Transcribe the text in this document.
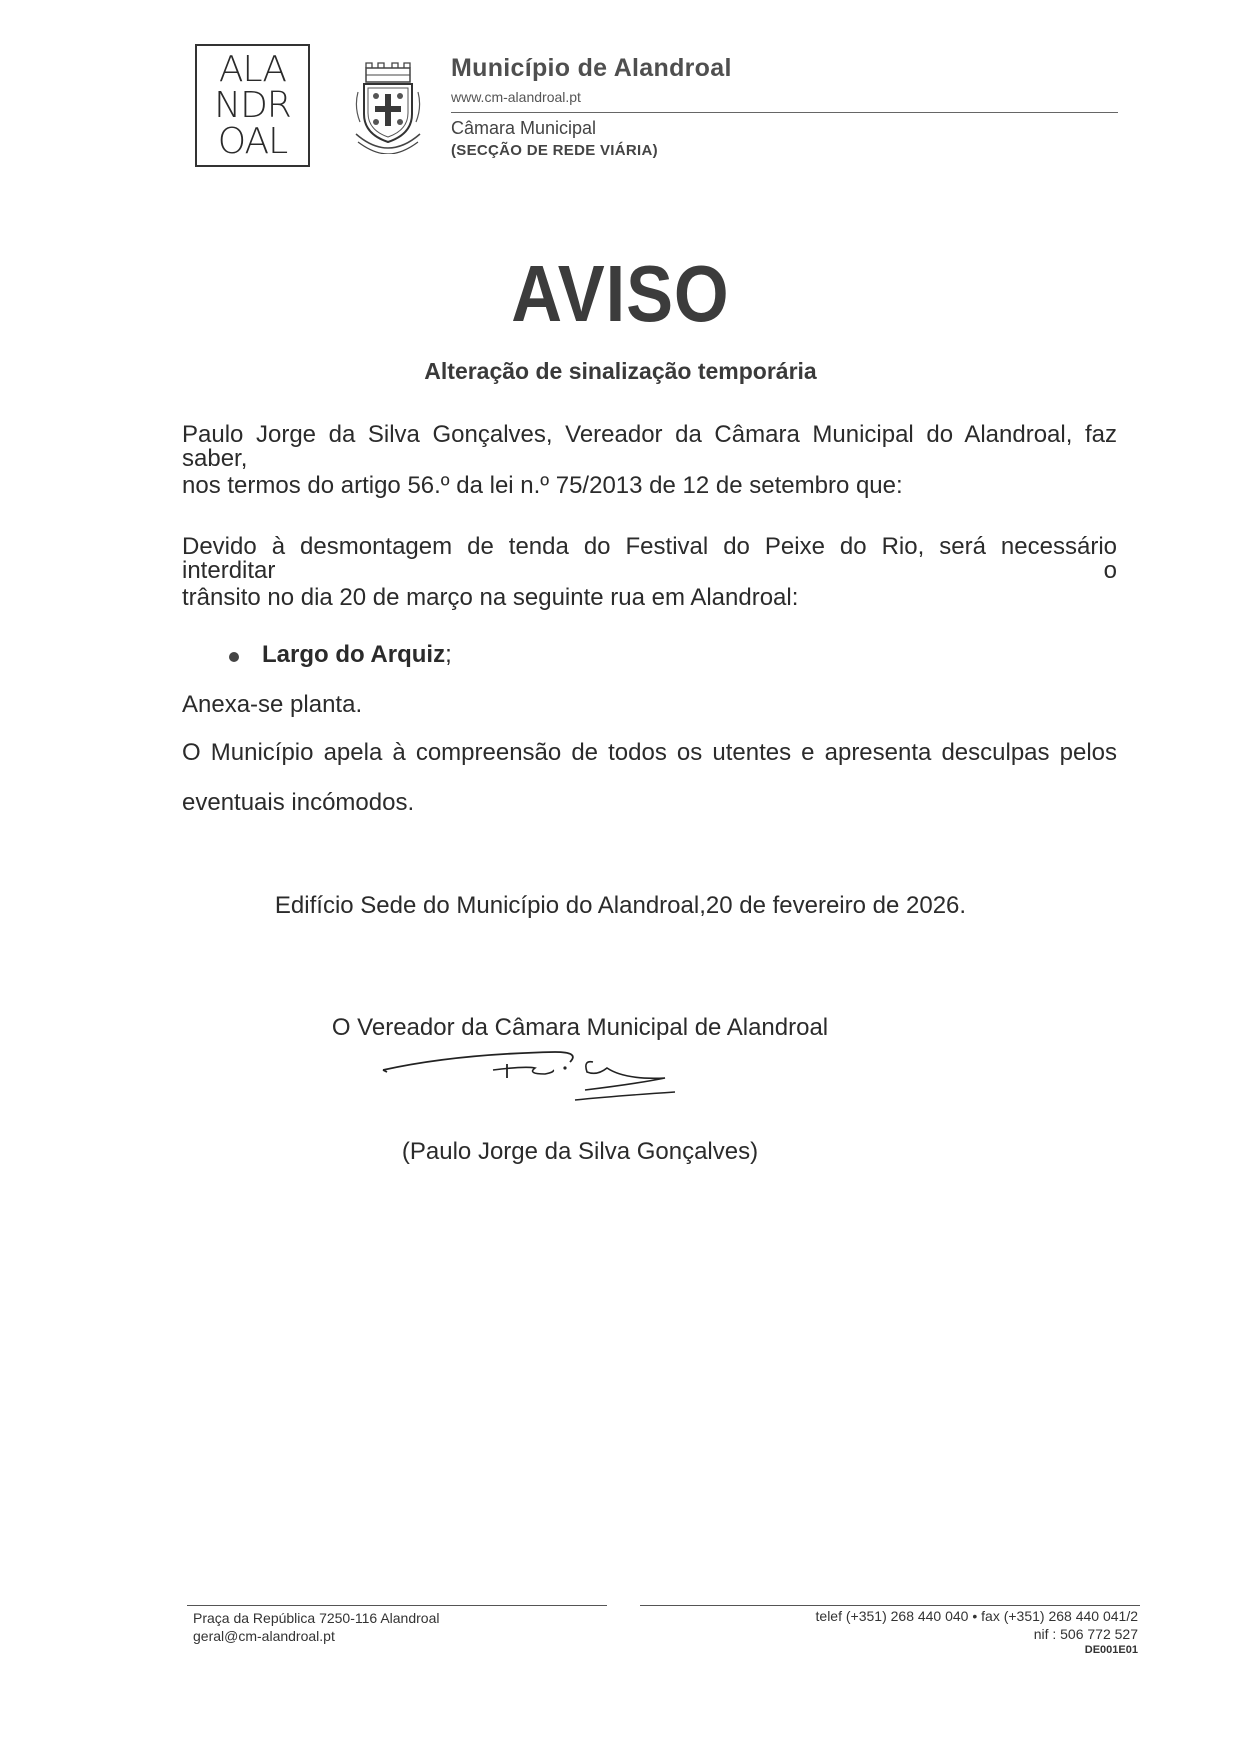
ALA
NDR
OAL
Município de Alandroal
www.cm-alandroal.pt
Câmara Municipal
(SECÇÃO DE REDE VIÁRIA)
AVISO
Alteração de sinalização temporária
Paulo Jorge da Silva Gonçalves, Vereador da Câmara Municipal do Alandroal, faz saber,
nos termos do artigo 56.º da lei n.º 75/2013 de 12 de setembro que:
Devido à desmontagem de tenda do Festival do Peixe do Rio, será necessário interditar o
trânsito no dia 20 de março na seguinte rua em Alandroal:
Largo do Arquiz;
Anexa-se planta.
O Município apela à compreensão de todos os utentes e apresenta desculpas pelos
eventuais incómodos.
Edifício Sede do Município do Alandroal,20 de fevereiro de 2026.
O Vereador da Câmara Municipal de Alandroal
(Paulo Jorge da Silva Gonçalves)
Praça da República 7250-116 Alandroal
geral@cm-alandroal.pt
telef (+351) 268 440 040 • fax (+351) 268 440 041/2
nif : 506 772 527
DE001E01
